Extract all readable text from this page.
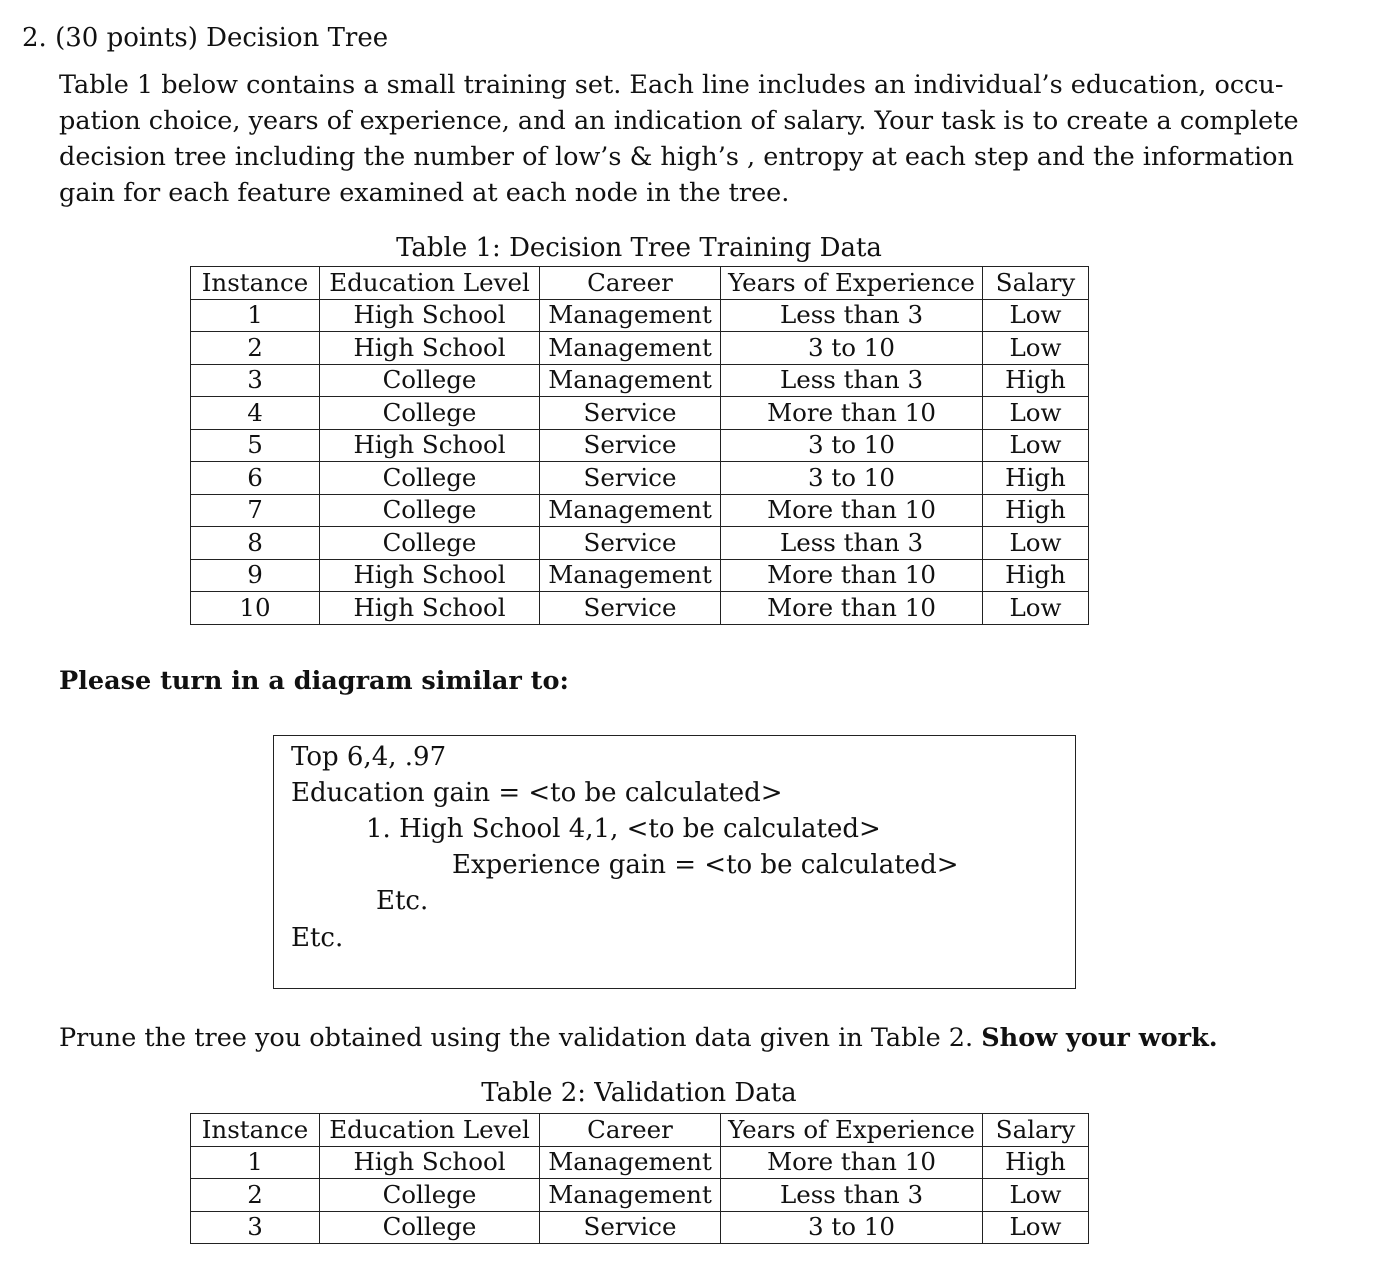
2. (30 points) Decision Tree
Table 1 below contains a small training set. Each line includes an individual’s education, occu-
pation choice, years of experience, and an indication of salary. Your task is to create a complete
decision tree including the number of low’s & high’s , entropy at each step and the information
gain for each feature examined at each node in the tree.
Table 1: Decision Tree Training Data
Instance	Education Level	Career	Years of Experience	Salary
1	High School	Management	Less than 3	Low
2	High School	Management	3 to 10	Low
3	College	Management	Less than 3	High
4	College	Service	More than 10	Low
5	High School	Service	3 to 10	Low
6	College	Service	3 to 10	High
7	College	Management	More than 10	High
8	College	Service	Less than 3	Low
9	High School	Management	More than 10	High
10	High School	Service	More than 10	Low
Please turn in a diagram similar to:
Top 6,4, .97
Education gain = <to be calculated>
1. High School 4,1, <to be calculated>
Experience gain = <to be calculated>
Etc.
Etc.
Prune the tree you obtained using the validation data given in Table 2. Show your work.
Table 2: Validation Data
Instance	Education Level	Career	Years of Experience	Salary
1	High School	Management	More than 10	High
2	College	Management	Less than 3	Low
3	College	Service	3 to 10	Low
